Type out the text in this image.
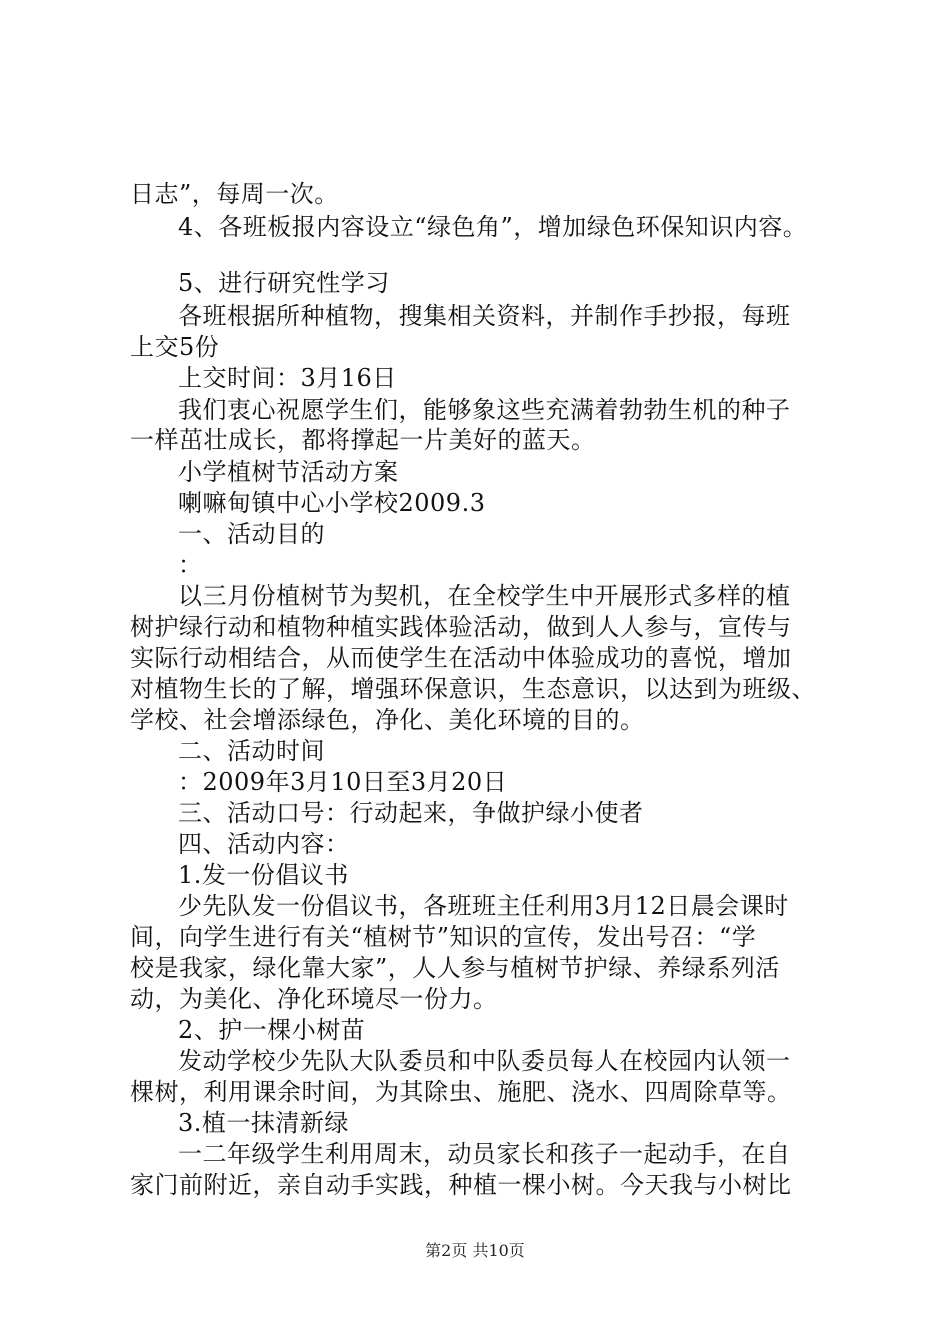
日志”，每周一次。
4、各班板报内容设立“绿色角”，增加绿色环保知识内容。
5、进行研究性学习
各班根据所种植物，搜集相关资料，并制作手抄报，每班
上交5份
上交时间：3月16日
我们衷心祝愿学生们，能够象这些充满着勃勃生机的种子
一样茁壮成长，都将撑起一片美好的蓝天。
小学植树节活动方案
喇嘛甸镇中心小学校2009.3
一、活动目的
：
以三月份植树节为契机，在全校学生中开展形式多样的植
树护绿行动和植物种植实践体验活动，做到人人参与，宣传与
实际行动相结合，从而使学生在活动中体验成功的喜悦，增加
对植物生长的了解，增强环保意识，生态意识，以达到为班级、
学校、社会增添绿色，净化、美化环境的目的。
二、活动时间
：2009年3月10日至3月20日
三、活动口号：行动起来，争做护绿小使者
四、活动内容：
1.发一份倡议书
少先队发一份倡议书，各班班主任利用3月12日晨会课时
间，向学生进行有关“植树节”知识的宣传，发出号召：“学
校是我家，绿化靠大家”，人人参与植树节护绿、养绿系列活
动，为美化、净化环境尽一份力。
2、护一棵小树苗
发动学校少先队大队委员和中队委员每人在校园内认领一
棵树，利用课余时间，为其除虫、施肥、浇水、四周除草等。
3.植一抹清新绿
一二年级学生利用周末，动员家长和孩子一起动手，在自
家门前附近，亲自动手实践，种植一棵小树。今天我与小树比
第2页 共10页
